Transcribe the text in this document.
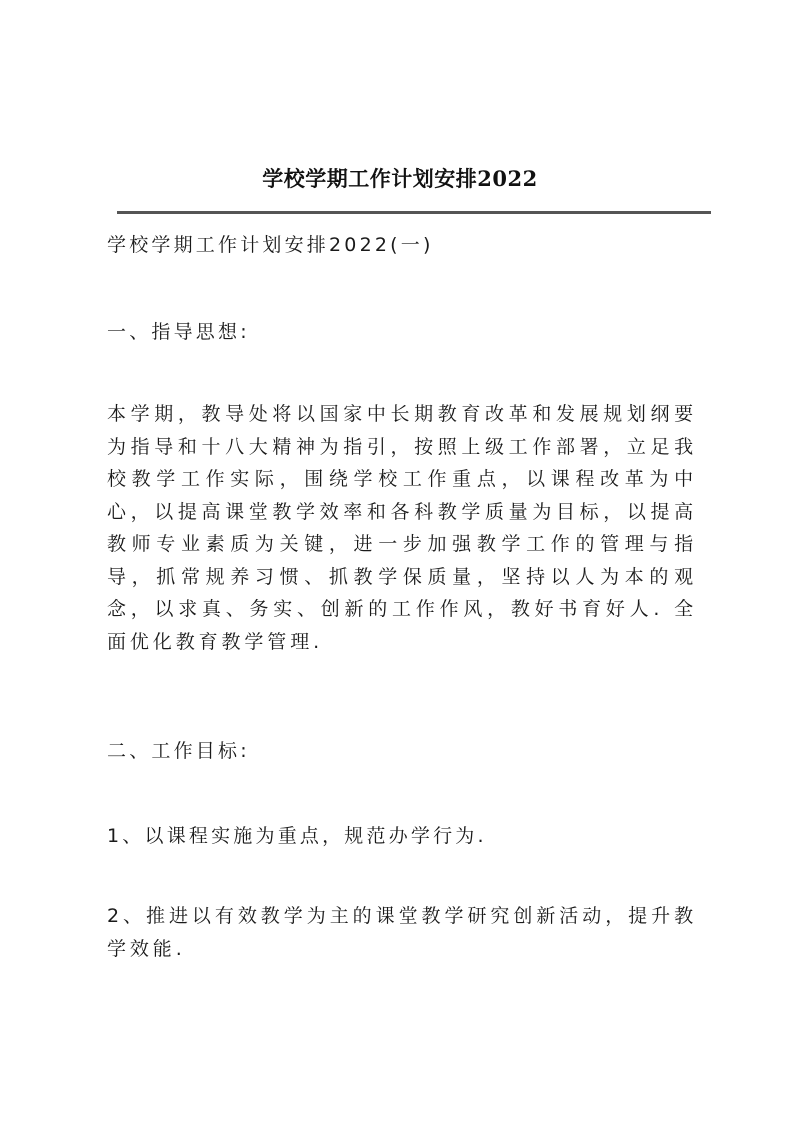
学校学期工作计划安排2022
学校学期工作计划安排2022(一)
一、指导思想:
本学期，教导处将以国家中长期教育改革和发展规划纲要为指导和十八大精神为指引，按照上级工作部署，立足我校教学工作实际，围绕学校工作重点，以课程改革为中心，以提高课堂教学效率和各科教学质量为目标，以提高教师专业素质为关键，进一步加强教学工作的管理与指导，抓常规养习惯、抓教学保质量，坚持以人为本的观念，以求真、务实、创新的工作作风，教好书育好人. 全面优化教育教学管理.
二、工作目标:
1、以课程实施为重点，规范办学行为.
2、推进以有效教学为主的课堂教学研究创新活动，提升教学效能.
